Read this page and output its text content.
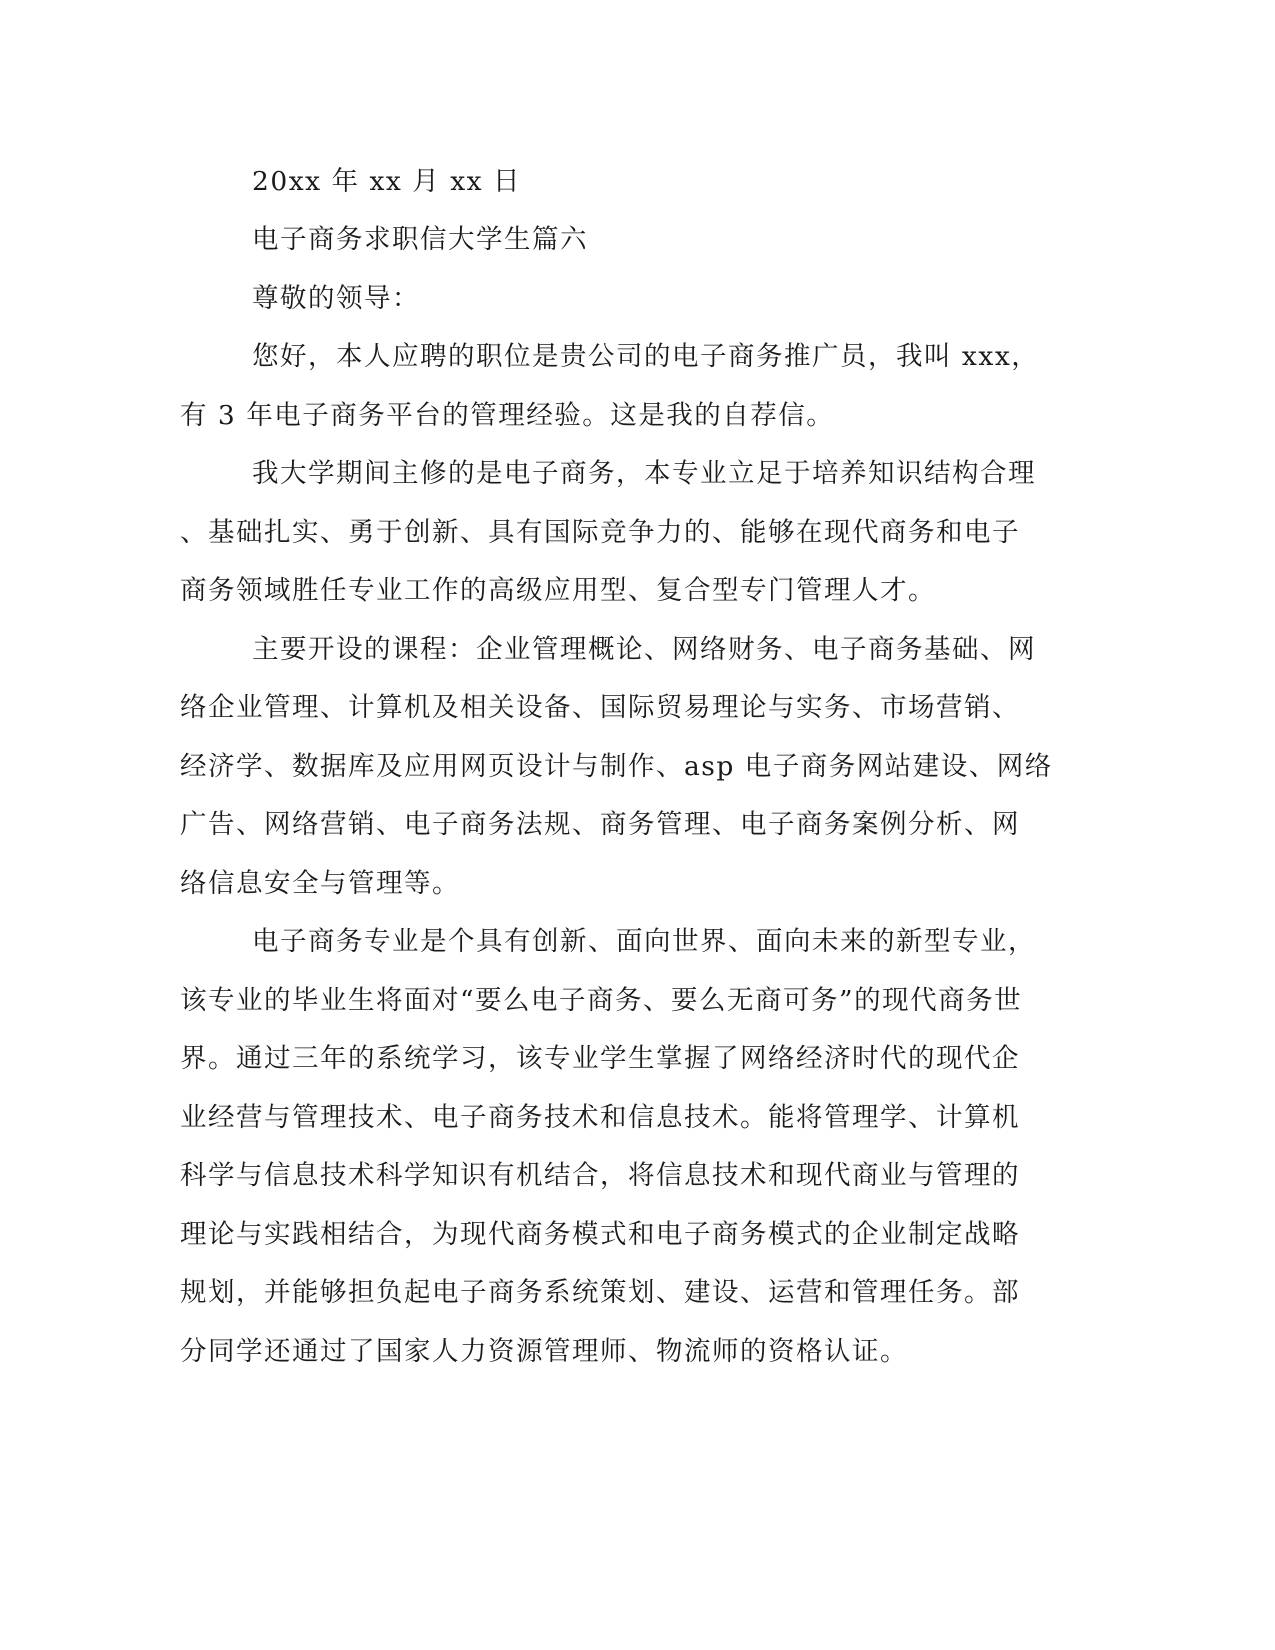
20xx 年 xx 月 xx 日
电子商务求职信大学生篇六
尊敬的领导：
您好，本人应聘的职位是贵公司的电子商务推广员，我叫 xxx，
有 3 年电子商务平台的管理经验。这是我的自荐信。
我大学期间主修的是电子商务，本专业立足于培养知识结构合理
、基础扎实、勇于创新、具有国际竞争力的、能够在现代商务和电子
商务领域胜任专业工作的高级应用型、复合型专门管理人才。
主要开设的课程：企业管理概论、网络财务、电子商务基础、网
络企业管理、计算机及相关设备、国际贸易理论与实务、市场营销、
经济学、数据库及应用网页设计与制作、asp 电子商务网站建设、网络
广告、网络营销、电子商务法规、商务管理、电子商务案例分析、网
络信息安全与管理等。
电子商务专业是个具有创新、面向世界、面向未来的新型专业，
该专业的毕业生将面对“要么电子商务、要么无商可务”的现代商务世
界。通过三年的系统学习，该专业学生掌握了网络经济时代的现代企
业经营与管理技术、电子商务技术和信息技术。能将管理学、计算机
科学与信息技术科学知识有机结合，将信息技术和现代商业与管理的
理论与实践相结合，为现代商务模式和电子商务模式的企业制定战略
规划，并能够担负起电子商务系统策划、建设、运营和管理任务。部
分同学还通过了国家人力资源管理师、物流师的资格认证。
